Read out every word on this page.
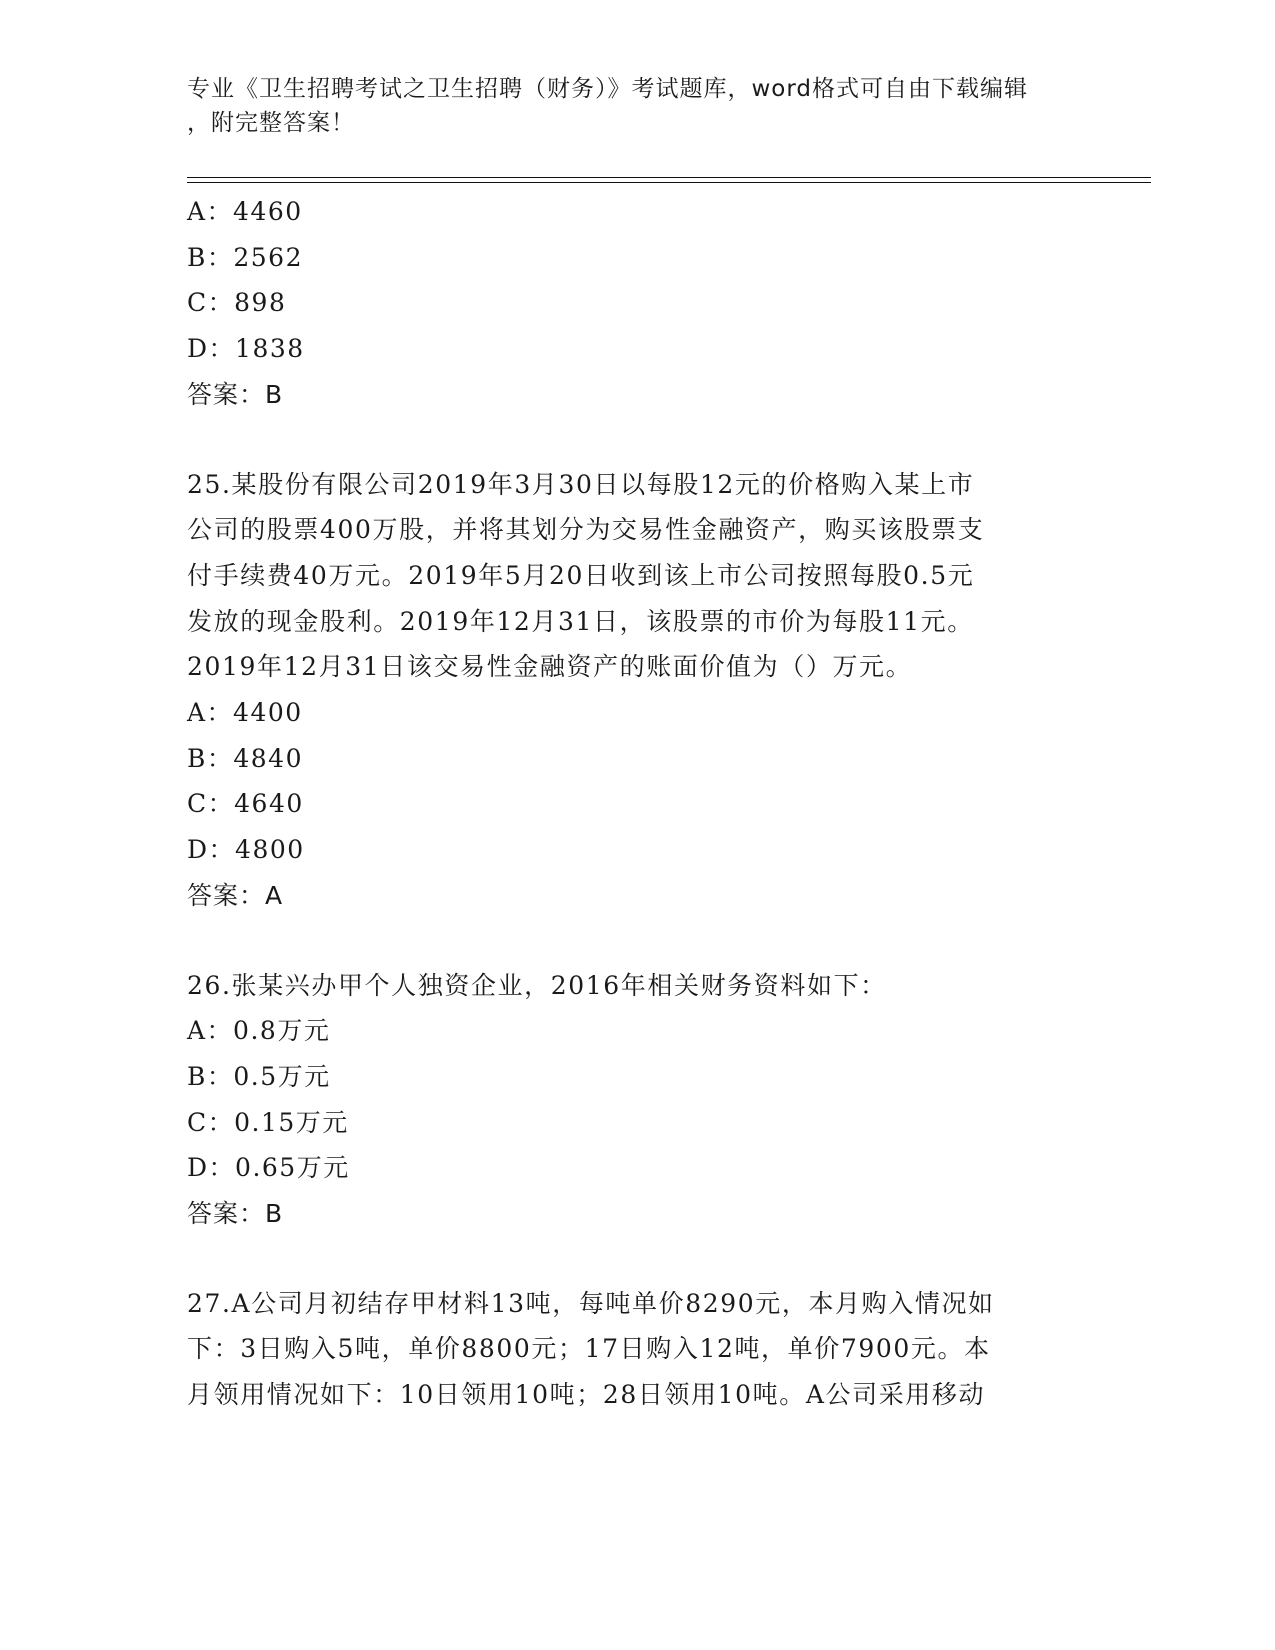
专业《卫生招聘考试之卫生招聘（财务）》考试题库，word格式可自由下载编辑
，附完整答案！

A：4460

B：2562

C：898

D：1838

答案：B

25.某股份有限公司2019年3月30日以每股12元的价格购入某上市

公司的股票400万股，并将其划分为交易性金融资产，购买该股票支

付手续费40万元。2019年5月20日收到该上市公司按照每股0.5元

发放的现金股利。2019年12月31日，该股票的市价为每股11元。

2019年12月31日该交易性金融资产的账面价值为（）万元。

A：4400

B：4840

C：4640

D：4800

答案：A

26.张某兴办甲个人独资企业，2016年相关财务资料如下：

A：0.8万元

B：0.5万元

C：0.15万元

D：0.65万元

答案：B

27.A公司月初结存甲材料13吨，每吨单价8290元，本月购入情况如

下：3日购入5吨，单价8800元；17日购入12吨，单价7900元。本

月领用情况如下：10日领用10吨；28日领用10吨。A公司采用移动
